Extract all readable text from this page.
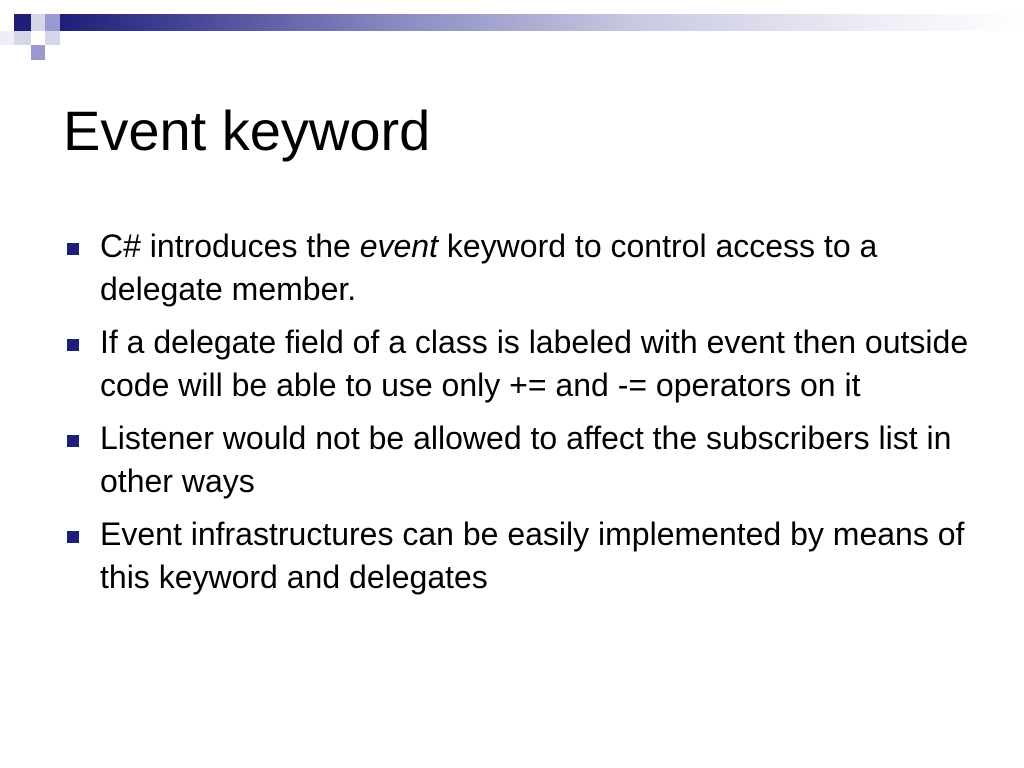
Event keyword
C# introduces the event keyword to control access to a delegate member.
If a delegate field of a class is labeled with event then outside code will be able to use only += and -= operators on it
Listener would not be allowed to affect the subscribers list in other ways
Event infrastructures can be easily implemented by means of this keyword and delegates
